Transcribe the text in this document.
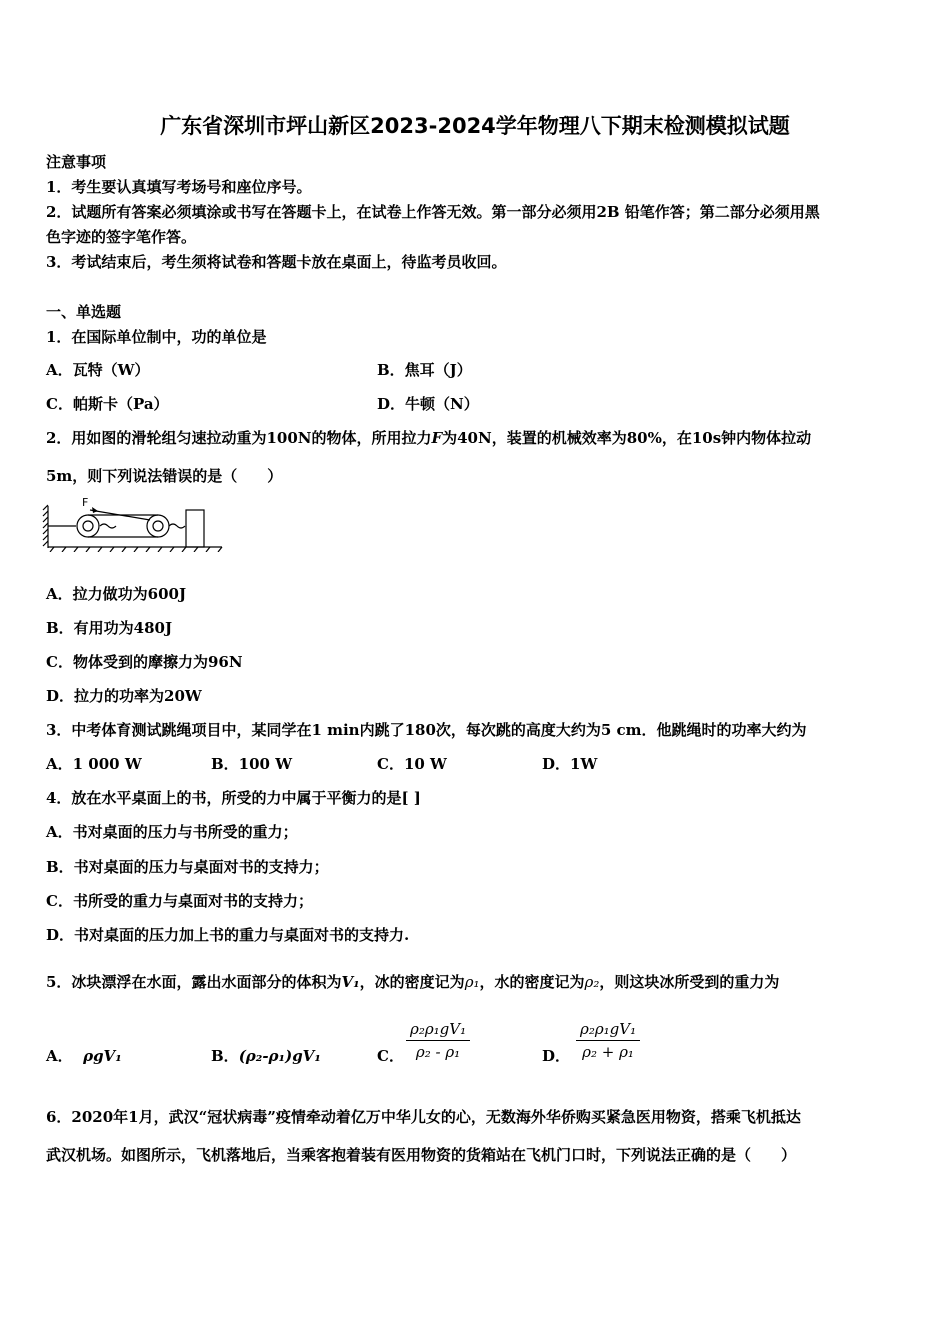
广东省深圳市坪山新区2023-2024学年物理八下期末检测模拟试题
注意事项
1．考生要认真填写考场号和座位序号。
2．试题所有答案必须填涂或书写在答题卡上，在试卷上作答无效。第一部分必须用2B 铅笔作答；第二部分必须用黑
色字迹的签字笔作答。
3．考试结束后，考生须将试卷和答题卡放在桌面上，待监考员收回。
一、单选题
1．在国际单位制中，功的单位是
A．瓦特（W）	B．焦耳（J）
C．帕斯卡（Pa）	D．牛顿（N）
2．用如图的滑轮组匀速拉动重为100N的物体，所用拉力F为40N，装置的机械效率为80%，在10s钟内物体拉动
5m，则下列说法错误的是（　　）
F
A．拉力做功为600J
B．有用功为480J
C．物体受到的摩擦力为96N
D．拉力的功率为20W
3．中考体育测试跳绳项目中，某同学在1 min内跳了180次，每次跳的高度大约为5 cm．他跳绳时的功率大约为
A．1 000 W	B．100 W	C．10 W	D．1W
4．放在水平桌面上的书，所受的力中属于平衡力的是[ ]
A．书对桌面的压力与书所受的重力；
B．书对桌面的压力与桌面对书的支持力；
C．书所受的重力与桌面对书的支持力；
D．书对桌面的压力加上书的重力与桌面对书的支持力.
5．冰块漂浮在水面，露出水面部分的体积为V₁，冰的密度记为ρ₁，水的密度记为ρ₂，则这块冰所受到的重力为
A． ρgV₁	B．(ρ₂-ρ₁)gV₁	C． $\frac{\text{ρ₂ρ₁gV₁}}{\text{ρ₂ - ρ₁}}$	D． $\frac{\text{ρ₂ρ₁gV₁}}{\text{ρ₂ + ρ₁}}$
6．2020年1月，武汉“冠状病毒”疫情牵动着亿万中华儿女的心，无数海外华侨购买紧急医用物资，搭乘飞机抵达
武汉机场。如图所示，飞机落地后，当乘客抱着装有医用物资的货箱站在飞机门口时，下列说法正确的是（　　）
